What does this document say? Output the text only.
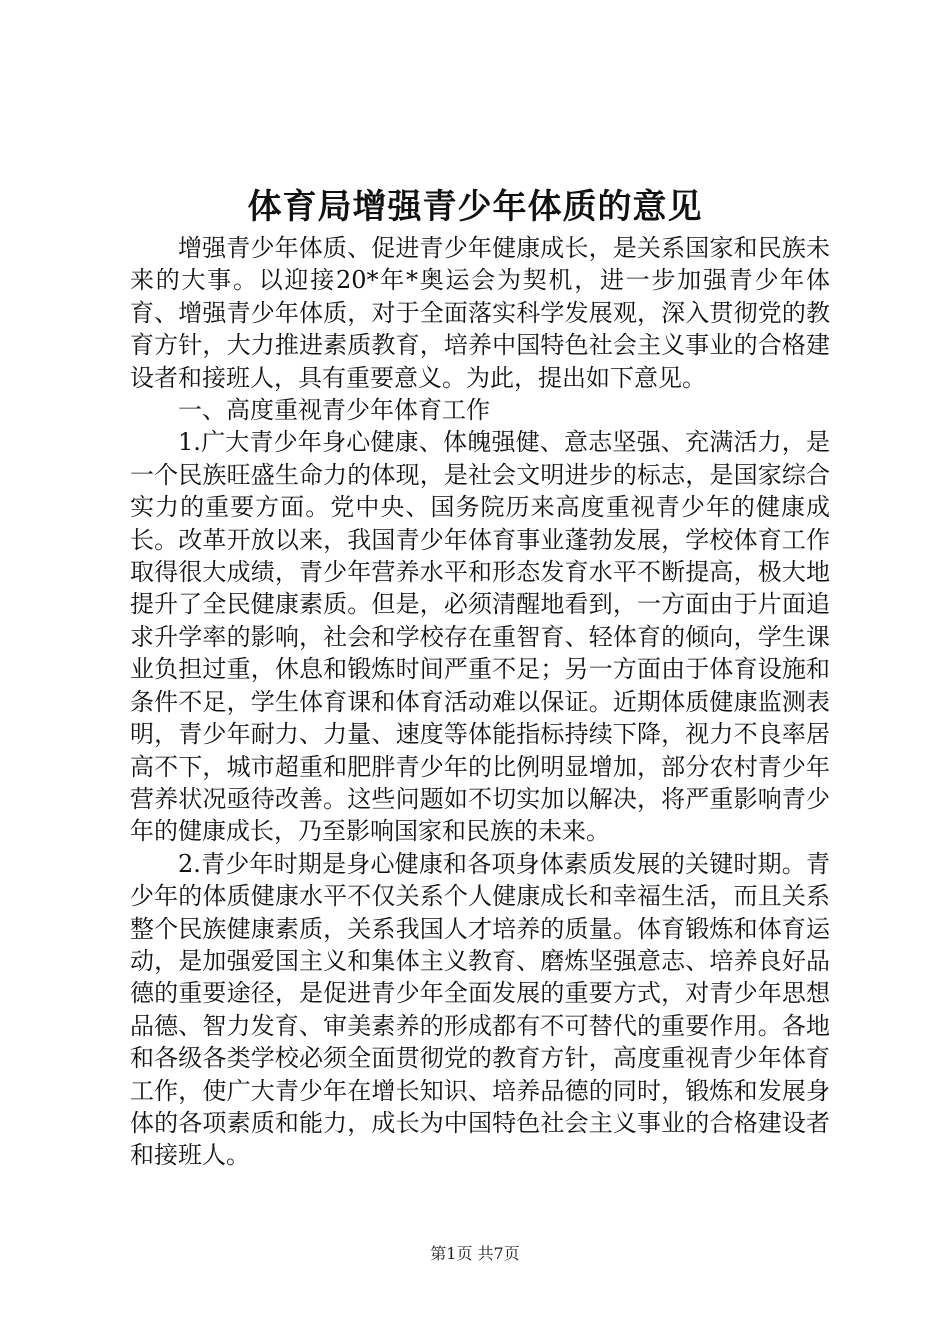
体育局增强青少年体质的意见

增强青少年体质、促进青少年健康成长，是关系国家和民族未来的大事。以迎接20*年*奥运会为契机，进一步加强青少年体育、增强青少年体质，对于全面落实科学发展观，深入贯彻党的教育方针，大力推进素质教育，培养中国特色社会主义事业的合格建设者和接班人，具有重要意义。为此，提出如下意见。

一、高度重视青少年体育工作

1.广大青少年身心健康、体魄强健、意志坚强、充满活力，是一个民族旺盛生命力的体现，是社会文明进步的标志，是国家综合实力的重要方面。党中央、国务院历来高度重视青少年的健康成长。改革开放以来，我国青少年体育事业蓬勃发展，学校体育工作取得很大成绩，青少年营养水平和形态发育水平不断提高，极大地提升了全民健康素质。但是，必须清醒地看到，一方面由于片面追求升学率的影响，社会和学校存在重智育、轻体育的倾向，学生课业负担过重，休息和锻炼时间严重不足；另一方面由于体育设施和条件不足，学生体育课和体育活动难以保证。近期体质健康监测表明，青少年耐力、力量、速度等体能指标持续下降，视力不良率居高不下，城市超重和肥胖青少年的比例明显增加，部分农村青少年营养状况亟待改善。这些问题如不切实加以解决，将严重影响青少年的健康成长，乃至影响国家和民族的未来。

2.青少年时期是身心健康和各项身体素质发展的关键时期。青少年的体质健康水平不仅关系个人健康成长和幸福生活，而且关系整个民族健康素质，关系我国人才培养的质量。体育锻炼和体育运动，是加强爱国主义和集体主义教育、磨炼坚强意志、培养良好品德的重要途径，是促进青少年全面发展的重要方式，对青少年思想品德、智力发育、审美素养的形成都有不可替代的重要作用。各地和各级各类学校必须全面贯彻党的教育方针，高度重视青少年体育工作，使广大青少年在增长知识、培养品德的同时，锻炼和发展身体的各项素质和能力，成长为中国特色社会主义事业的合格建设者和接班人。

第1页 共7页
